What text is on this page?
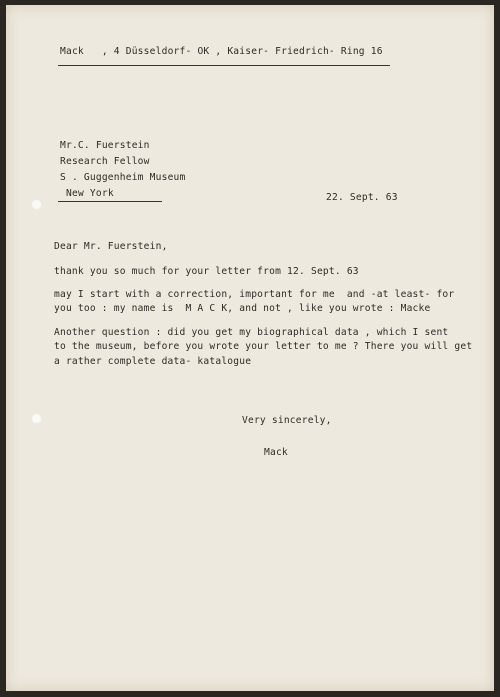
Mack   , 4 Düsseldorf- OK , Kaiser- Friedrich- Ring 16

Mr.C. Fuerstein

Research Fellow

S . Guggenheim Museum

New York	22. Sept. 63

Dear Mr. Fuerstein,

thank you so much for your letter from 12. Sept. 63

may I start with a correction, important for me  and -at least- for

you too : my name is  M A C K, and not , like you wrote : Macke

Another question : did you get my biographical data , which I sent

to the museum, before you wrote your letter to me ? There you will get

a rather complete data- katalogue

Very sincerely,

Mack
